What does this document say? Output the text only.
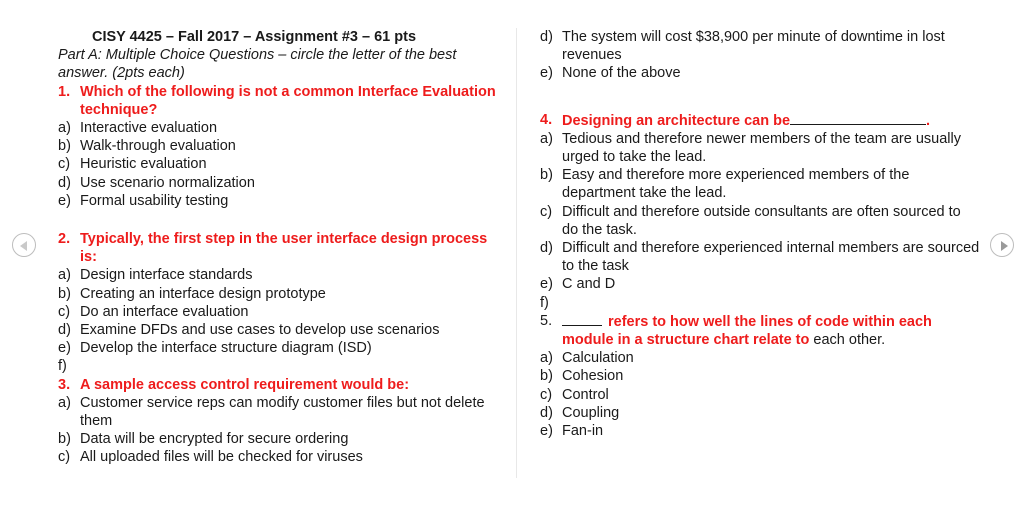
CISY 4425 – Fall 2017 – Assignment #3 – 61 pts
Part A: Multiple Choice Questions – circle the letter of the best answer. (2pts each)
1. Which of the following is not a common Interface Evaluation technique?
a) Interactive evaluation
b) Walk-through evaluation
c) Heuristic evaluation
d) Use scenario normalization
e) Formal usability testing
2. Typically, the first step in the user interface design process is:
a) Design interface standards
b) Creating an interface design prototype
c) Do an interface evaluation
d) Examine DFDs and use cases to develop use scenarios
e) Develop the interface structure diagram (ISD)
f)
3. A sample access control requirement would be:
a) Customer service reps can modify customer files but not delete them
b) Data will be encrypted for secure ordering
c) All uploaded files will be checked for viruses
d) The system will cost $38,900 per minute of downtime in lost revenues
e) None of the above
4. Designing an architecture can be	.
a) Tedious and therefore newer members of the team are usually urged to take the lead.
b) Easy and therefore more experienced members of the department take the lead.
c) Difficult and therefore outside consultants are often sourced to do the task.
d) Difficult and therefore experienced internal members are sourced to the task
e) C and D
f)
5.	refers to how well the lines of code within each module in a structure chart relate to each other.
a) Calculation
b) Cohesion
c) Control
d) Coupling
e) Fan-in
